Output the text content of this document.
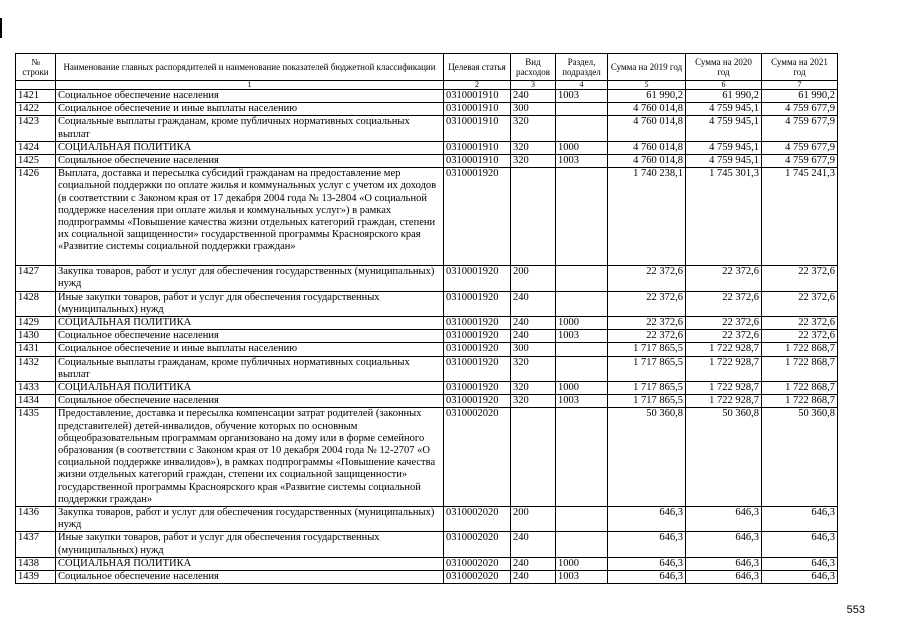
№ строки	Наименование главных распорядителей и наименование показателей бюджетной классификации	Целевая статья	Вид расходов	Раздел, подраздел	Сумма на 2019 год	Сумма на 2020 год	Сумма на 2021 год
	1	2	3	4	5	6	7
1421	Социальное обеспечение населения	0310001910	240	1003	61 990,2	61 990,2	61 990,2
1422	Социальное обеспечение и иные выплаты населению	0310001910	300		4 760 014,8	4 759 945,1	4 759 677,9
1423	Социальные выплаты гражданам, кроме публичных нормативных социальных выплат	0310001910	320		4 760 014,8	4 759 945,1	4 759 677,9
1424	СОЦИАЛЬНАЯ ПОЛИТИКА	0310001910	320	1000	4 760 014,8	4 759 945,1	4 759 677,9
1425	Социальное обеспечение населения	0310001910	320	1003	4 760 014,8	4 759 945,1	4 759 677,9
1426	Выплата, доставка и пересылка субсидий гражданам на предоставление мер социальной поддержки по оплате жилья и коммунальных услуг с учетом их доходов (в соответствии с Законом края от 17 декабря 2004 года № 13-2804 «О социальной поддержке населения при оплате жилья и коммунальных услуг») в рамках подпрограммы «Повышение качества жизни отдельных категорий граждан, степени их социальной защищенности» государственной программы Красноярского края «Развитие системы социальной поддержки граждан»	0310001920			1 740 238,1	1 745 301,3	1 745 241,3
1427	Закупка товаров, работ и услуг для обеспечения государственных (муниципальных) нужд	0310001920	200		22 372,6	22 372,6	22 372,6
1428	Иные закупки товаров, работ и услуг для обеспечения государственных (муниципальных) нужд	0310001920	240		22 372,6	22 372,6	22 372,6
1429	СОЦИАЛЬНАЯ ПОЛИТИКА	0310001920	240	1000	22 372,6	22 372,6	22 372,6
1430	Социальное обеспечение населения	0310001920	240	1003	22 372,6	22 372,6	22 372,6
1431	Социальное обеспечение и иные выплаты населению	0310001920	300		1 717 865,5	1 722 928,7	1 722 868,7
1432	Социальные выплаты гражданам, кроме публичных нормативных социальных выплат	0310001920	320		1 717 865,5	1 722 928,7	1 722 868,7
1433	СОЦИАЛЬНАЯ ПОЛИТИКА	0310001920	320	1000	1 717 865,5	1 722 928,7	1 722 868,7
1434	Социальное обеспечение населения	0310001920	320	1003	1 717 865,5	1 722 928,7	1 722 868,7
1435	Предоставление, доставка и пересылка компенсации затрат родителей (законных представителей) детей-инвалидов, обучение которых по основным общеобразовательным программам организовано на дому или в форме семейного образования (в соответствии с Законом края от 10 декабря 2004 года № 12-2707 «О социальной поддержке инвалидов»), в рамках подпрограммы «Повышение качества жизни отдельных категорий граждан, степени их социальной защищенности» государственной программы Красноярского края «Развитие системы социальной поддержки граждан»	0310002020			50 360,8	50 360,8	50 360,8
1436	Закупка товаров, работ и услуг для обеспечения государственных (муниципальных) нужд	0310002020	200		646,3	646,3	646,3
1437	Иные закупки товаров, работ и услуг для обеспечения государственных (муниципальных) нужд	0310002020	240		646,3	646,3	646,3
1438	СОЦИАЛЬНАЯ ПОЛИТИКА	0310002020	240	1000	646,3	646,3	646,3
1439	Социальное обеспечение населения	0310002020	240	1003	646,3	646,3	646,3
553
